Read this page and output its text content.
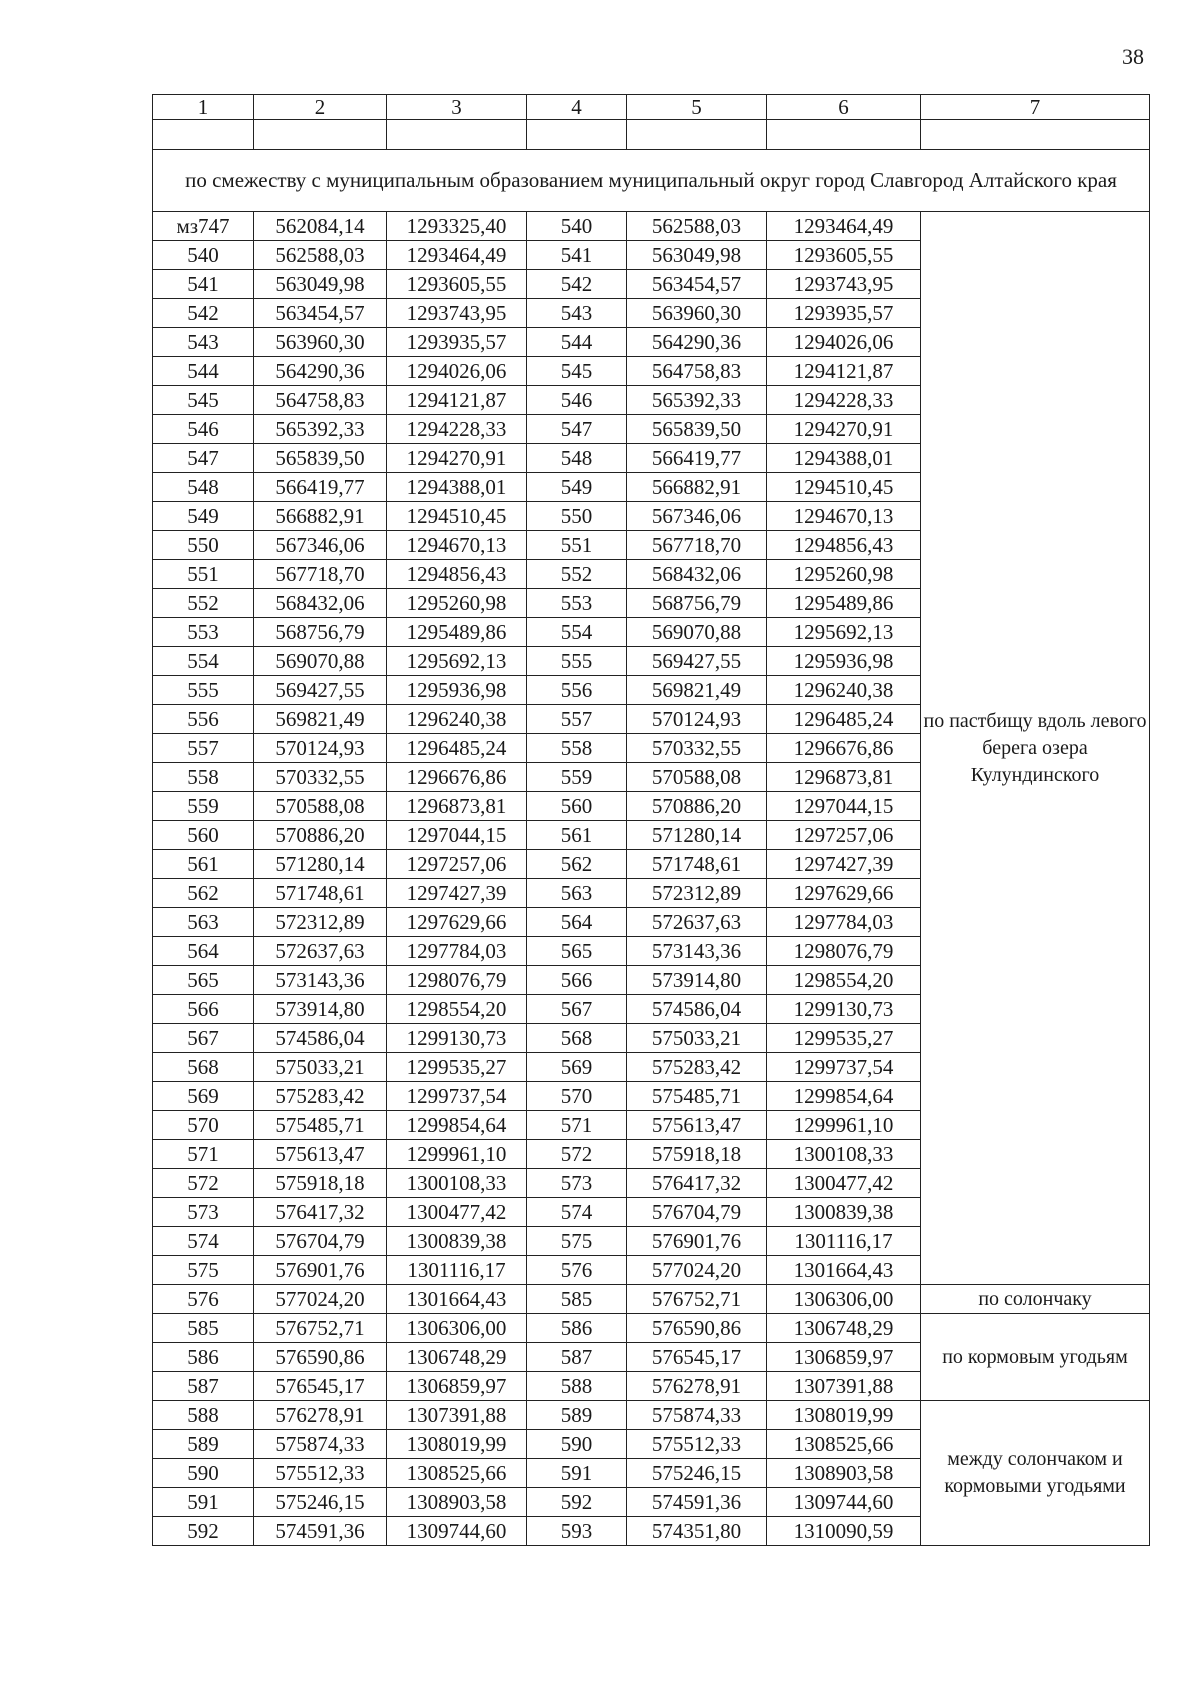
38
1	2	3	4	5	6	7

по смежеству с муниципальным образованием муниципальный округ город Славгород Алтайского края						
мз747	562084,14	1293325,40	540	562588,03	1293464,49	по пастбищу вдоль левого берега озера Кулундинского
540	562588,03	1293464,49	541	563049,98	1293605,55	
541	563049,98	1293605,55	542	563454,57	1293743,95	
542	563454,57	1293743,95	543	563960,30	1293935,57	
543	563960,30	1293935,57	544	564290,36	1294026,06	
544	564290,36	1294026,06	545	564758,83	1294121,87	
545	564758,83	1294121,87	546	565392,33	1294228,33	
546	565392,33	1294228,33	547	565839,50	1294270,91	
547	565839,50	1294270,91	548	566419,77	1294388,01	
548	566419,77	1294388,01	549	566882,91	1294510,45	
549	566882,91	1294510,45	550	567346,06	1294670,13	
550	567346,06	1294670,13	551	567718,70	1294856,43	
551	567718,70	1294856,43	552	568432,06	1295260,98	
552	568432,06	1295260,98	553	568756,79	1295489,86	
553	568756,79	1295489,86	554	569070,88	1295692,13	
554	569070,88	1295692,13	555	569427,55	1295936,98	
555	569427,55	1295936,98	556	569821,49	1296240,38	
556	569821,49	1296240,38	557	570124,93	1296485,24	
557	570124,93	1296485,24	558	570332,55	1296676,86	
558	570332,55	1296676,86	559	570588,08	1296873,81	
559	570588,08	1296873,81	560	570886,20	1297044,15	
560	570886,20	1297044,15	561	571280,14	1297257,06	
561	571280,14	1297257,06	562	571748,61	1297427,39	
562	571748,61	1297427,39	563	572312,89	1297629,66	
563	572312,89	1297629,66	564	572637,63	1297784,03	
564	572637,63	1297784,03	565	573143,36	1298076,79	
565	573143,36	1298076,79	566	573914,80	1298554,20	
566	573914,80	1298554,20	567	574586,04	1299130,73	
567	574586,04	1299130,73	568	575033,21	1299535,27	
568	575033,21	1299535,27	569	575283,42	1299737,54	
569	575283,42	1299737,54	570	575485,71	1299854,64	
570	575485,71	1299854,64	571	575613,47	1299961,10	
571	575613,47	1299961,10	572	575918,18	1300108,33	
572	575918,18	1300108,33	573	576417,32	1300477,42	
573	576417,32	1300477,42	574	576704,79	1300839,38	
574	576704,79	1300839,38	575	576901,76	1301116,17	
575	576901,76	1301116,17	576	577024,20	1301664,43	
576	577024,20	1301664,43	585	576752,71	1306306,00	по солончаку
585	576752,71	1306306,00	586	576590,86	1306748,29	по кормовым угодьям
586	576590,86	1306748,29	587	576545,17	1306859,97	
587	576545,17	1306859,97	588	576278,91	1307391,88	
588	576278,91	1307391,88	589	575874,33	1308019,99	между солончаком и кормовыми угодьями
589	575874,33	1308019,99	590	575512,33	1308525,66	
590	575512,33	1308525,66	591	575246,15	1308903,58	
591	575246,15	1308903,58	592	574591,36	1309744,60	
592	574591,36	1309744,60	593	574351,80	1310090,59	
